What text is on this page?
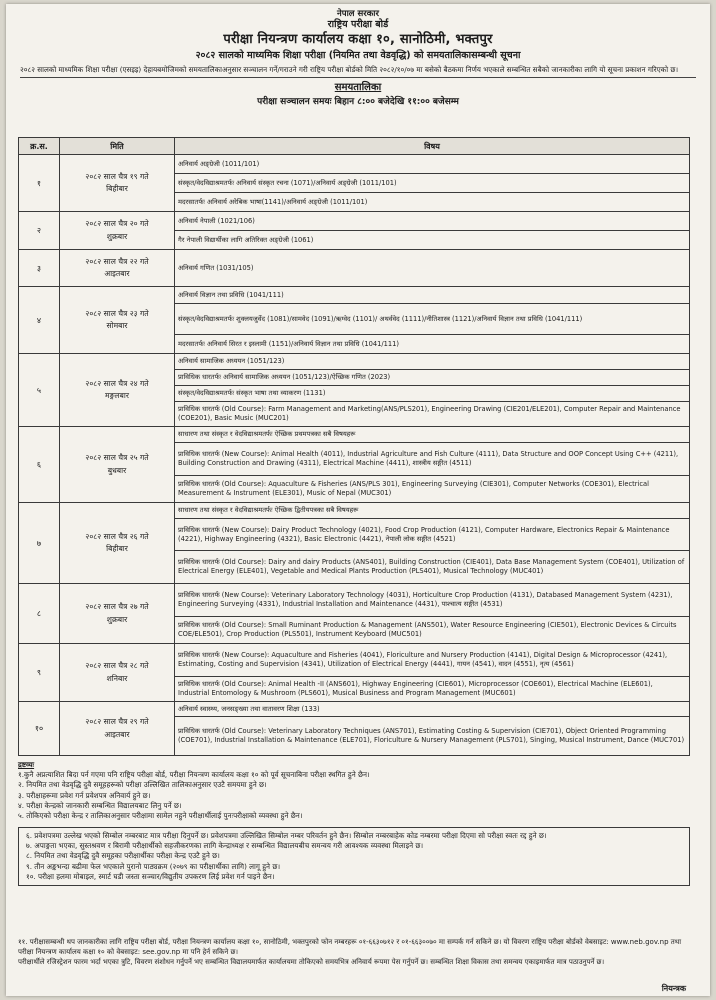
नेपाल सरकार
राष्ट्रिय परीक्षा बोर्ड
परीक्षा नियन्त्रण कार्यालय कक्षा १०, सानोठिमी, भक्तपुर
२०८२ सालको माध्यमिक शिक्षा परीक्षा (नियमित तथा वेडवृद्धि) को समयतालिकासम्बन्धी सूचना
२०८२ सालको माध्यमिक शिक्षा परीक्षा (एसइइ) देहायबमोजिमको समयतालिकाअनुसार सञ्चालन गर्ने/गराउने गरी राष्ट्रिय परीक्षा बोर्डको मिति २०८२/१०/०७ मा बसेको बैठकमा निर्णय भएकाले सम्बन्धित सबैको जानकारीका लागि यो सूचना प्रकाशन गरिएको छ।
समयतालिका
परीक्षा सञ्चालन समयः बिहान ८:०० बजेदेखि ११:०० बजेसम्म
क्र.स.	मिति	विषय
१	२०८२ साल चैत्र १९ गते
बिहीबार	अनिवार्य अङ्ग्रेजी (1011/101)
		संस्कृत/वेदविद्याश्रमतर्फः अनिवार्य संस्कृत रचना (1071)/अनिवार्य अङ्ग्रेजी (1011/101)
		मदरसातर्फः अनिवार्य अरेबिक भाषा(1141)/अनिवार्य अङ्ग्रेजी (1011/101)
२	२०८२ साल चैत्र २० गते
शुक्रबार	अनिवार्य नेपाली (1021/106)
		गैर नेपाली विद्यार्थीका लागि अतिरिक्त अङ्ग्रेजी (1061)
३	२०८२ साल चैत्र २२ गते
आइतबार	अनिवार्य गणित (1031/105)
४	२०८२ साल चैत्र २३ गते
सोमबार	अनिवार्य विज्ञान तथा प्रविधि (1041/111)
		संस्कृत/वेदविद्याश्रमतर्फः शुक्लयजुर्वेद (1081)/सामवेद (1091)/ऋग्वेद (1101)/ अथर्ववेद (1111)/नीतिशास्त्र (1121)/अनिवार्य विज्ञान तथा प्रविधि (1041/111)
		मदरसातर्फः अनिवार्य सिरत र इस्लामी (1151)/अनिवार्य विज्ञान तथा प्रविधि (1041/111)
५	२०८२ साल चैत्र २४ गते
मङ्गलबार	अनिवार्य सामाजिक अध्ययन (1051/123)
		प्राविधिक धारतर्फः अनिवार्य सामाजिक अध्ययन (1051/123)/ऐच्छिक गणित (2023)
		संस्कृत/वेदविद्याश्रमतर्फः संस्कृत भाषा तथा व्याकरण (1131)
		प्राविधिक धारतर्फ (Old Course): Farm Management and Marketing(ANS/PLS201), Engineering Drawing (CIE201/ELE201), Computer Repair and Maintenance (COE201), Basic Music (MUC201)
६	२०८२ साल चैत्र २५ गते
बुधबार	साधारण तथा संस्कृत र वेदविद्याश्रमतर्फः ऐच्छिक प्रथमपत्रका सबै विषयहरू
		प्राविधिक धारतर्फ (New Course): Animal Health (4011), Industrial Agriculture and Fish Culture (4111), Data Structure and OOP Concept Using C++ (4211), Building Construction and Drawing (4311), Electrical Machine (4411), शास्त्रीय सङ्गीत (4511)
		प्राविधिक धारतर्फ (Old Course): Aquaculture & Fisheries (ANS/PLS 301), Engineering Surveying (CIE301), Computer Networks (COE301), Electrical Measurement & Instrument (ELE301), Music of Nepal (MUC301)
७	२०८२ साल चैत्र २६ गते
बिहीबार	साधारण तथा संस्कृत र वेदविद्याश्रमतर्फः ऐच्छिक द्वितीयपत्रका सबै विषयहरू
		प्राविधिक धारतर्फ (New Course): Dairy Product Technology (4021), Food Crop Production (4121), Computer Hardware, Electronics Repair & Maintenance (4221), Highway Engineering (4321), Basic Electronic (4421), नेपाली लोक सङ्गीत (4521)
		प्राविधिक धारतर्फ (Old Course): Dairy and dairy Products (ANS401), Building Construction (CIE401), Data Base Management System (COE401), Utilization of Electrical Energy (ELE401), Vegetable and Medical Plants Production (PLS401), Musical Technology (MUC401)
८	२०८२ साल चैत्र २७ गते
शुक्रबार	प्राविधिक धारतर्फ (New Course): Veterinary Laboratory Technology (4031), Horticulture Crop Production (4131), Databased Management System (4231), Engineering Surveying (4331), Industrial Installation and Maintenance (4431), पाश्चात्य सङ्गीत (4531)
		प्राविधिक धारतर्फ (Old Course): Small Ruminant Production & Management (ANS501), Water Resource Engineering (CIE501), Electronic Devices & Circuits COE/ELE501), Crop Production (PLS501), Instrument Keyboard (MUC501)
९	२०८२ साल चैत्र २८ गते
शनिबार	प्राविधिक धारतर्फ (New Course): Aquaculture and Fisheries (4041), Floriculture and Nursery Production (4141), Digital Design & Microprocessor (4241), Estimating, Costing and Supervision (4341), Utilization of Electrical Energy (4441), गायन (4541), वादन (4551), नृत्य (4561)
		प्राविधिक धारतर्फ (Old Course): Animal Health -II (ANS601), Highway Engineering (CIE601), Microprocessor (COE601), Electrical Machine (ELE601), Industrial Entomology & Mushroom (PLS601), Musical Business and Program Management (MUC601)
१०	२०८२ साल चैत्र २९ गते
आइतबार	अनिवार्य स्वास्थ्य, जनसङ्ख्या तथा वातावरण शिक्षा (133)
		प्राविधिक धारतर्फ (Old Course): Veterinary Laboratory Techniques (ANS701), Estimating Costing & Supervision (CIE701), Object Oriented Programming (COE701), Industrial Installation & Maintenance (ELE701), Floriculture & Nursery Management (PLS701), Singing, Musical Instrument, Dance (MUC701)
द्रष्टव्यः
१.कुनै अप्रत्याशित बिदा पर्न गएमा पनि राष्ट्रिय परीक्षा बोर्ड, परीक्षा नियन्त्रण कार्यालय कक्षा १० को पूर्व सूचनाबिना परीक्षा स्थगित हुने छैन।
२. नियमित तथा वेडवृद्धि दुवै समूहहरूको परीक्षा उल्लिखित तालिकाअनुसार एउटै समयमा हुने छ।
३. परीक्षाहरूमा प्रवेश गर्न प्रवेशपत्र अनिवार्य हुने छ।
४. परीक्षा केन्द्रको जानकारी सम्बन्धित विद्यालयबाट लिनु पर्ने छ।
५. तोकिएको परीक्षा केन्द्र र तालिकाअनुसार परीक्षामा सामेल नहुने परीक्षार्थीलाई पुनःपरीक्षाको व्यवस्था हुने छैन।
६. प्रवेशपत्रमा उल्लेख भएको सिम्बोल नम्बरबाट मात्र परीक्षा दिनुपर्ने छ। प्रवेशपत्रमा उल्लिखित सिम्बोल नम्बर परिवर्तन हुने छैन। सिम्बोल नम्बरबाहेक कोड नम्बरमा परीक्षा दिएमा सो परीक्षा स्वतः रद्द हुने छ।
७. अपाङ्गता भएका, सुस्तश्रवण र बिरामी परीक्षार्थीको सहजीकरणका लागि केन्द्राध्यक्ष र सम्बन्धित विद्यालयबीच समन्वय गरी आवश्यक व्यवस्था मिलाइने छ।
८. नियमित तथा वेडवृद्धि दुवै समूहका परीक्षार्थीका परीक्षा केन्द्र एउटै हुने छ।
९. तीन अङ्कभन्दा बढीमा फेल भएकाले पुरानो पाठ्यक्रम (२०७९ का परीक्षार्थीका लागि) लागू हुने छ।
१०. परीक्षा हलमा मोबाइल, स्मार्ट घडी जस्ता सञ्चार/विद्युतीय उपकरण लिई प्रवेश गर्न पाइने छैन।
११. परीक्षासम्बन्धी थप जानकारीका लागि राष्ट्रिय परीक्षा बोर्ड, परीक्षा नियन्त्रण कार्यालय कक्षा १०, सानोठिमी, भक्तपुरको फोन नम्बरहरू ०१-६६३०७१२ र ०१-६६३००७० मा सम्पर्क गर्न सकिने छ। यो विवरण राष्ट्रिय परीक्षा बोर्डको वेबसाइट: www.neb.gov.np तथा परीक्षा नियन्त्रण कार्यालय कक्षा १० को वेबसाइट: see.gov.np मा पनि हेर्न सकिने छ।
परीक्षार्थीले रजिस्ट्रेशन फारम भर्दा भएका त्रुटि, विवरण संशोधन गर्नुपर्ने भए सम्बन्धित विद्यालयमार्फत कार्यालयमा तोकिएको समयभित्र अनिवार्य रूपमा पेस गर्नुपर्ने छ। सम्बन्धित शिक्षा विकास तथा समन्वय एकाइमार्फत मात्र पठाउनुपर्ने छ।
नियन्त्रक
